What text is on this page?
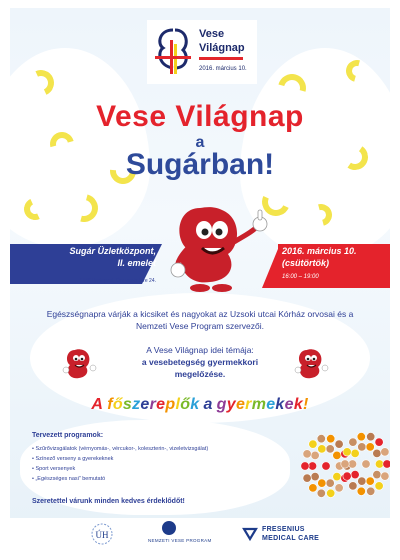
Vese
Világnap
2016. március 10.
Vese Világnap
a
Sugárban!
Sugár Üzletközpont,
II. emelet
1148 Budapest, Örs vezér tere 24.
2016. március 10.
(csütörtök)
16:00 – 19:00
Egészségnapra várják a kicsiket és nagyokat az Uzsoki utcai Kórház orvosai és a Nemzeti Vese Program szervezői.
A Vese Világnap idei témája:
a vesebetegség gyermekkori
megelőzése.
A főszereplők a gyermekek!
Tervezett programok:
• Szűrővizsgálatok (vérnyomás-, vércukor-, koleszterin-, vizeletvizsgálat)
• Színező verseny a gyerekeknek
• Sport versenyek
• „Egészséges nasi” bemutató
Szeretettel várunk minden kedves érdeklődőt!
ÚH
NEMZETI VESE PROGRAM
FRESENIUS
MEDICAL CARE
